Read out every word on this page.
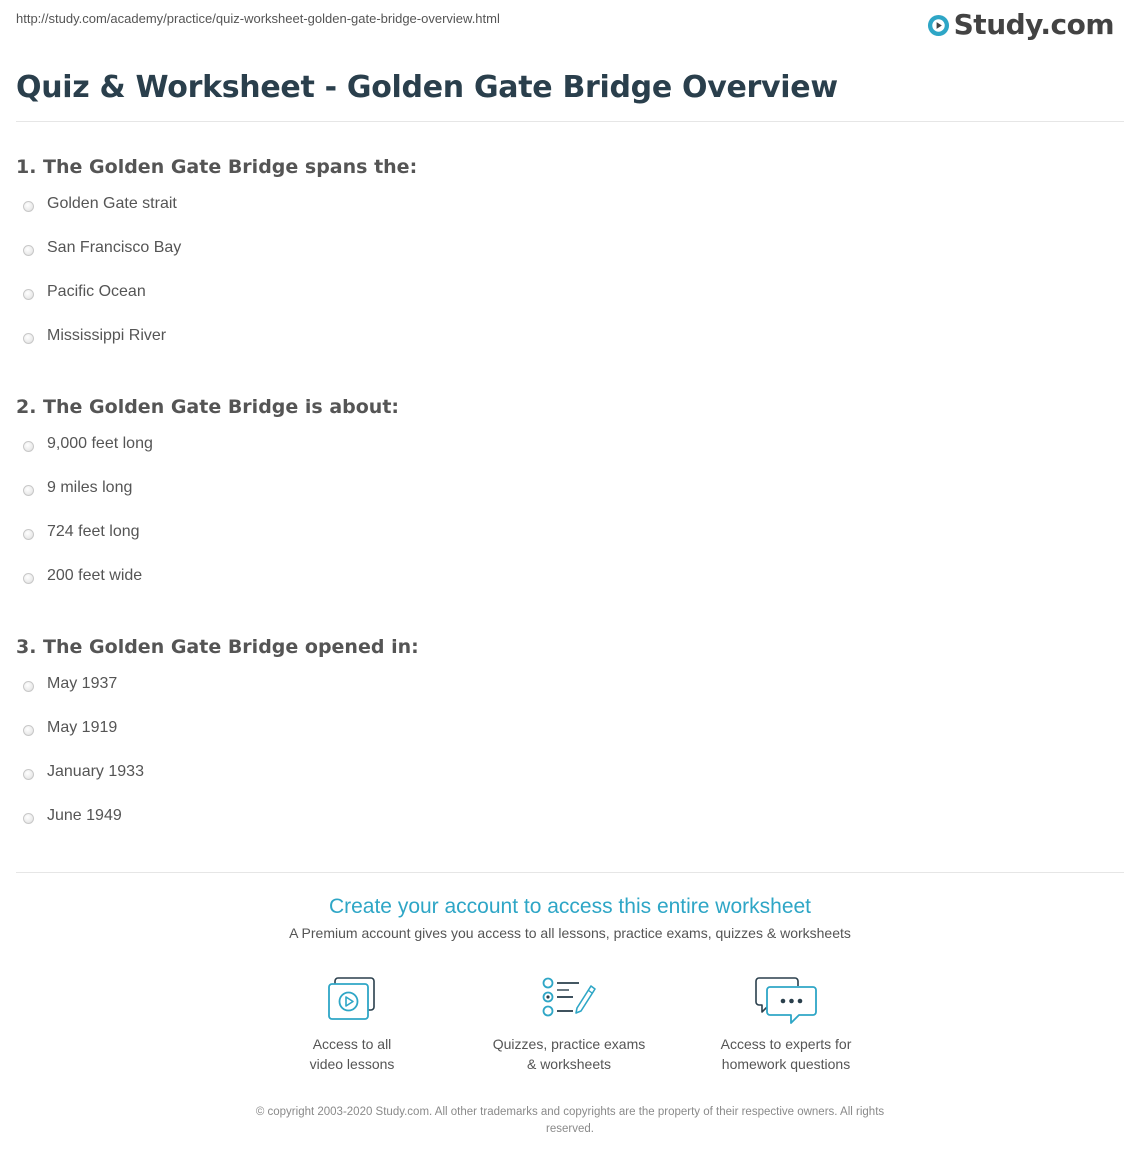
http://study.com/academy/practice/quiz-worksheet-golden-gate-bridge-overview.html	Study.com
Quiz & Worksheet - Golden Gate Bridge Overview
1. The Golden Gate Bridge spans the:
Golden Gate strait
San Francisco Bay
Pacific Ocean
Mississippi River
2. The Golden Gate Bridge is about:
9,000 feet long
9 miles long
724 feet long
200 feet wide
3. The Golden Gate Bridge opened in:
May 1937
May 1919
January 1933
June 1949
Create your account to access this entire worksheet
A Premium account gives you access to all lessons, practice exams, quizzes & worksheets
Access to all
video lessons
Quizzes, practice exams
& worksheets
Access to experts for
homework questions
© copyright 2003-2020 Study.com. All other trademarks and copyrights are the property of their respective owners. All rights
reserved.
